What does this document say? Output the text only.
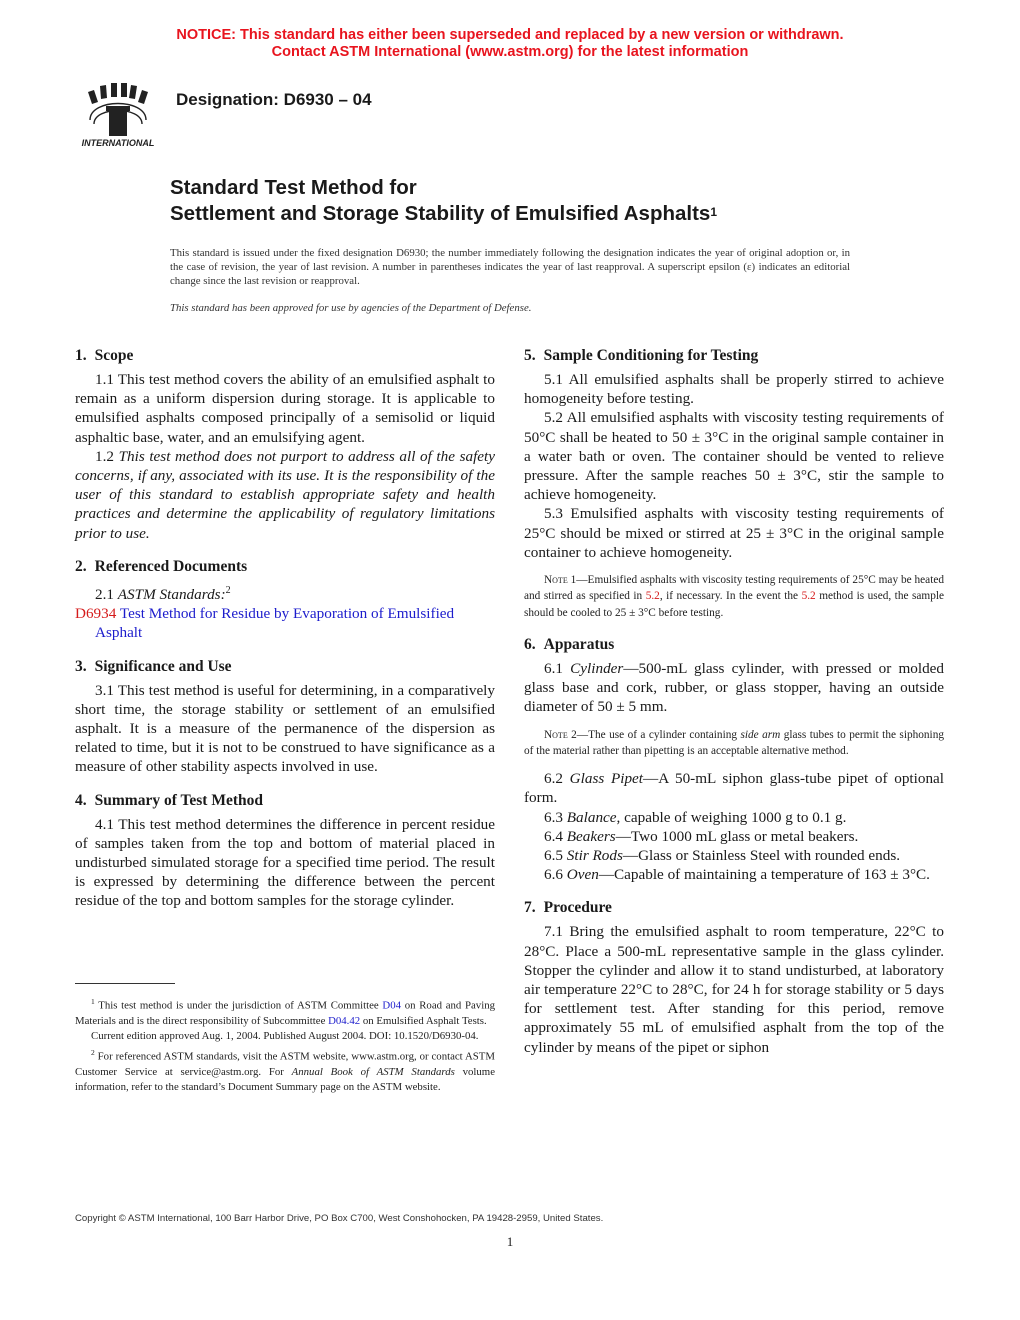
NOTICE: This standard has either been superseded and replaced by a new version or withdrawn.
Contact ASTM International (www.astm.org) for the latest information
INTERNATIONAL
Designation: D6930 – 04
Standard Test Method for
Settlement and Storage Stability of Emulsified Asphalts$^1$
This standard is issued under the fixed designation D6930; the number immediately following the designation indicates the year of original adoption or, in the case of revision, the year of last revision. A number in parentheses indicates the year of last reapproval. A superscript epsilon (ε) indicates an editorial change since the last revision or reapproval.
This standard has been approved for use by agencies of the Department of Defense.
1. Scope

1.1 This test method covers the ability of an emulsified asphalt to remain as a uniform dispersion during storage. It is applicable to emulsified asphalts composed principally of a semisolid or liquid asphaltic base, water, and an emulsifying agent.

1.2 This test method does not purport to address all of the safety concerns, if any, associated with its use. It is the responsibility of the user of this standard to establish appropriate safety and health practices and determine the applicability of regulatory limitations prior to use.

2. Referenced Documents

2.1 ASTM Standards:$^2$

D6934 Test Method for Residue by Evaporation of Emulsified Asphalt

3. Significance and Use

3.1 This test method is useful for determining, in a comparatively short time, the storage stability or settlement of an emulsified asphalt. It is a measure of the permanence of the dispersion as related to time, but it is not to be construed to have significance as a measure of other stability aspects involved in use.

4. Summary of Test Method

4.1 This test method determines the difference in percent residue of samples taken from the top and bottom of material placed in undisturbed simulated storage for a specified time period. The result is expressed by determining the difference between the percent residue of the top and bottom samples for the storage cylinder.

5. Sample Conditioning for Testing

5.1 All emulsified asphalts shall be properly stirred to achieve homogeneity before testing.

5.2 All emulsified asphalts with viscosity testing requirements of 50°C shall be heated to 50 ± 3°C in the original sample container in a water bath or oven. The container should be vented to relieve pressure. After the sample reaches 50 ± 3°C, stir the sample to achieve homogeneity.

5.3 Emulsified asphalts with viscosity testing requirements of 25°C should be mixed or stirred at 25 ± 3°C in the original sample container to achieve homogeneity.

Note 1—Emulsified asphalts with viscosity testing requirements of 25°C may be heated and stirred as specified in 5.2, if necessary. In the event the 5.2 method is used, the sample should be cooled to 25 ± 3°C before testing.

6. Apparatus

6.1 Cylinder—500-mL glass cylinder, with pressed or molded glass base and cork, rubber, or glass stopper, having an outside diameter of 50 ± 5 mm.

Note 2—The use of a cylinder containing side arm glass tubes to permit the siphoning of the material rather than pipetting is an acceptable alternative method.

6.2 Glass Pipet—A 50-mL siphon glass-tube pipet of optional form.

6.3 Balance, capable of weighing 1000 g to 0.1 g.

6.4 Beakers—Two 1000 mL glass or metal beakers.

6.5 Stir Rods—Glass or Stainless Steel with rounded ends.

6.6 Oven—Capable of maintaining a temperature of 163 ± 3°C.

7. Procedure

7.1 Bring the emulsified asphalt to room temperature, 22°C to 28°C. Place a 500-mL representative sample in the glass cylinder. Stopper the cylinder and allow it to stand undisturbed, at laboratory air temperature 22°C to 28°C, for 24 h for storage stability or 5 days for settlement test. After standing for this period, remove approximately 55 mL of emulsified asphalt from the top of the cylinder by means of the pipet or siphon

$^1$ This test method is under the jurisdiction of ASTM Committee D04 on Road and Paving Materials and is the direct responsibility of Subcommittee D04.42 on Emulsified Asphalt Tests.

Current edition approved Aug. 1, 2004. Published August 2004. DOI: 10.1520/D6930-04.

$^2$ For referenced ASTM standards, visit the ASTM website, www.astm.org, or contact ASTM Customer Service at service@astm.org. For Annual Book of ASTM Standards volume information, refer to the standard’s Document Summary page on the ASTM website.

Copyright © ASTM International, 100 Barr Harbor Drive, PO Box C700, West Conshohocken, PA 19428-2959, United States.
1
